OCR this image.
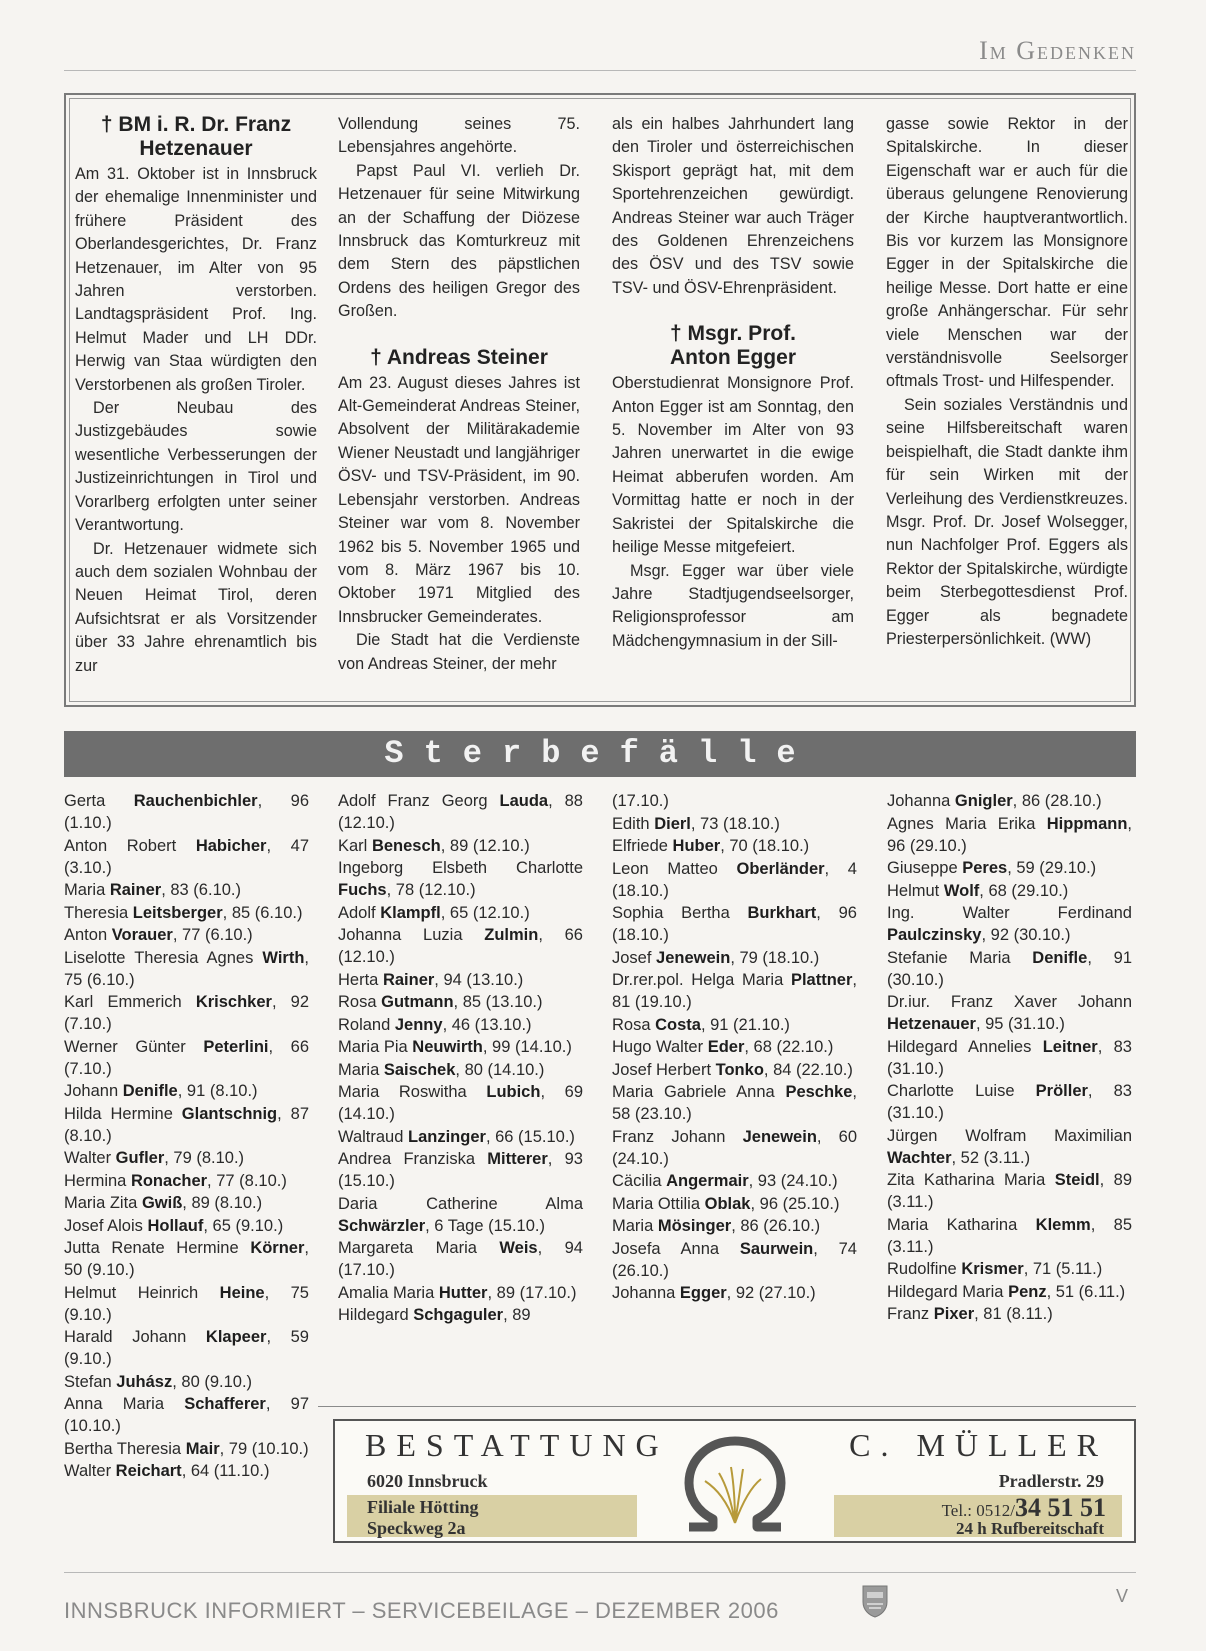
Im Gedenken
† BM i. R. Dr. Franz
Hetzenauer

Am 31. Oktober ist in Innsbruck der ehemalige Innenminister und frühere Präsident des Oberlandesgerichtes, Dr. Franz Hetzenauer, im Alter von 95 Jahren verstorben. Landtagspräsident Prof. Ing. Helmut Mader und LH DDr. Herwig van Staa würdigten den Verstorbenen als großen Tiroler.

Der Neubau des Justizgebäudes sowie wesentliche Verbesserungen der Justizeinrichtungen in Tirol und Vorarlberg erfolgten unter seiner Verantwortung.

Dr. Hetzenauer widmete sich auch dem sozialen Wohnbau der Neuen Heimat Tirol, deren Aufsichtsrat er als Vorsitzender über 33 Jahre ehrenamtlich bis zur

Vollendung seines 75. Lebensjahres angehörte.

Papst Paul VI. verlieh Dr. Hetzenauer für seine Mitwirkung an der Schaffung der Diözese Innsbruck das Komturkreuz mit dem Stern des päpstlichen Ordens des heiligen Gregor des Großen.

† Andreas Steiner

Am 23. August dieses Jahres ist Alt-Gemeinderat Andreas Steiner, Absolvent der Militärakademie Wiener Neustadt und langjähriger ÖSV- und TSV-Präsident, im 90. Lebensjahr verstorben. Andreas Steiner war vom 8. November 1962 bis 5. November 1965 und vom 8. März 1967 bis 10. Oktober 1971 Mitglied des Innsbrucker Gemeinderates.

Die Stadt hat die Verdienste von Andreas Steiner, der mehr

als ein halbes Jahrhundert lang den Tiroler und österreichischen Skisport geprägt hat, mit dem Sportehrenzeichen gewürdigt. Andreas Steiner war auch Träger des Goldenen Ehrenzeichens des ÖSV und des TSV sowie TSV- und ÖSV-Ehrenpräsident.

† Msgr. Prof.
Anton Egger

Oberstudienrat Monsignore Prof. Anton Egger ist am Sonntag, den 5. November im Alter von 93 Jahren unerwartet in die ewige Heimat abberufen worden. Am Vormittag hatte er noch in der Sakristei der Spitalskirche die heilige Messe mitgefeiert.

Msgr. Egger war über viele Jahre Stadtjugendseelsorger, Religionsprofessor am Mädchengymnasium in der Sill-

gasse sowie Rektor in der Spitalskirche. In dieser Eigenschaft war er auch für die überaus gelungene Renovierung der Kirche hauptverantwortlich. Bis vor kurzem las Monsignore Egger in der Spitalskirche die heilige Messe. Dort hatte er eine große Anhängerschar. Für sehr viele Menschen war der verständnisvolle Seelsorger oftmals Trost- und Hilfespender.

Sein soziales Verständnis und seine Hilfsbereitschaft waren beispielhaft, die Stadt dankte ihm für sein Wirken mit der Verleihung des Verdienstkreuzes. Msgr. Prof. Dr. Josef Wolsegger, nun Nachfolger Prof. Eggers als Rektor der Spitalskirche, würdigte beim Sterbegottesdienst Prof. Egger als begnadete Priesterpersönlichkeit. (WW)

Sterbefälle
Gerta Rauchenbichler, 96 (1.10.)
Anton Robert Habicher, 47 (3.10.)
Maria Rainer, 83 (6.10.)
Theresia Leitsberger, 85 (6.10.)
Anton Vorauer, 77 (6.10.)
Liselotte Theresia Agnes Wirth, 75 (6.10.)
Karl Emmerich Krischker, 92 (7.10.)
Werner Günter Peterlini, 66 (7.10.)
Johann Denifle, 91 (8.10.)
Hilda Hermine Glantschnig, 87 (8.10.)
Walter Gufler, 79 (8.10.)
Hermina Ronacher, 77 (8.10.)
Maria Zita Gwiß, 89 (8.10.)
Josef Alois Hollauf, 65 (9.10.)
Jutta Renate Hermine Körner, 50 (9.10.)
Helmut Heinrich Heine, 75 (9.10.)
Harald Johann Klapeer, 59 (9.10.)
Stefan Juhász, 80 (9.10.)
Anna Maria Schafferer, 97 (10.10.)
Bertha Theresia Mair, 79 (10.10.)
Walter Reichart, 64 (11.10.)
Adolf Franz Georg Lauda, 88 (12.10.)
Karl Benesch, 89 (12.10.)
Ingeborg Elsbeth Charlotte Fuchs, 78 (12.10.)
Adolf Klampfl, 65 (12.10.)
Johanna Luzia Zulmin, 66 (12.10.)
Herta Rainer, 94 (13.10.)
Rosa Gutmann, 85 (13.10.)
Roland Jenny, 46 (13.10.)
Maria Pia Neuwirth, 99 (14.10.)
Maria Saischek, 80 (14.10.)
Maria Roswitha Lubich, 69 (14.10.)
Waltraud Lanzinger, 66 (15.10.)
Andrea Franziska Mitterer, 93 (15.10.)
Daria Catherine Alma Schwärzler, 6 Tage (15.10.)
Margareta Maria Weis, 94 (17.10.)
Amalia Maria Hutter, 89 (17.10.)
Hildegard Schgaguler, 89
(17.10.)
Edith Dierl, 73 (18.10.)
Elfriede Huber, 70 (18.10.)
Leon Matteo Oberländer, 4 (18.10.)
Sophia Bertha Burkhart, 96 (18.10.)
Josef Jenewein, 79 (18.10.)
Dr.rer.pol. Helga Maria Plattner, 81 (19.10.)
Rosa Costa, 91 (21.10.)
Hugo Walter Eder, 68 (22.10.)
Josef Herbert Tonko, 84 (22.10.)
Maria Gabriele Anna Peschke, 58 (23.10.)
Franz Johann Jenewein, 60 (24.10.)
Cäcilia Angermair, 93 (24.10.)
Maria Ottilia Oblak, 96 (25.10.)
Maria Mösinger, 86 (26.10.)
Josefa Anna Saurwein, 74 (26.10.)
Johanna Egger, 92 (27.10.)
Johanna Gnigler, 86 (28.10.)
Agnes Maria Erika Hippmann, 96 (29.10.)
Giuseppe Peres, 59 (29.10.)
Helmut Wolf, 68 (29.10.)
Ing. Walter Ferdinand Paulczinsky, 92 (30.10.)
Stefanie Maria Denifle, 91 (30.10.)
Dr.iur. Franz Xaver Johann Hetzenauer, 95 (31.10.)
Hildegard Annelies Leitner, 83 (31.10.)
Charlotte Luise Pröller, 83 (31.10.)
Jürgen Wolfram Maximilian Wachter, 52 (3.11.)
Zita Katharina Maria Steidl, 89 (3.11.)
Maria Katharina Klemm, 85 (3.11.)
Rudolfine Krismer, 71 (5.11.)
Hildegard Maria Penz, 51 (6.11.)
Franz Pixer, 81 (8.11.)
BESTATTUNG
6020 Innsbruck
Filiale Hötting
Speckweg 2a
C. MÜLLER
Pradlerstr. 29
Tel.: 0512/34 51 51
24 h Rufbereitschaft
INNSBRUCK INFORMIERT – SERVICEBEILAGE – DEZEMBER 2006
V
